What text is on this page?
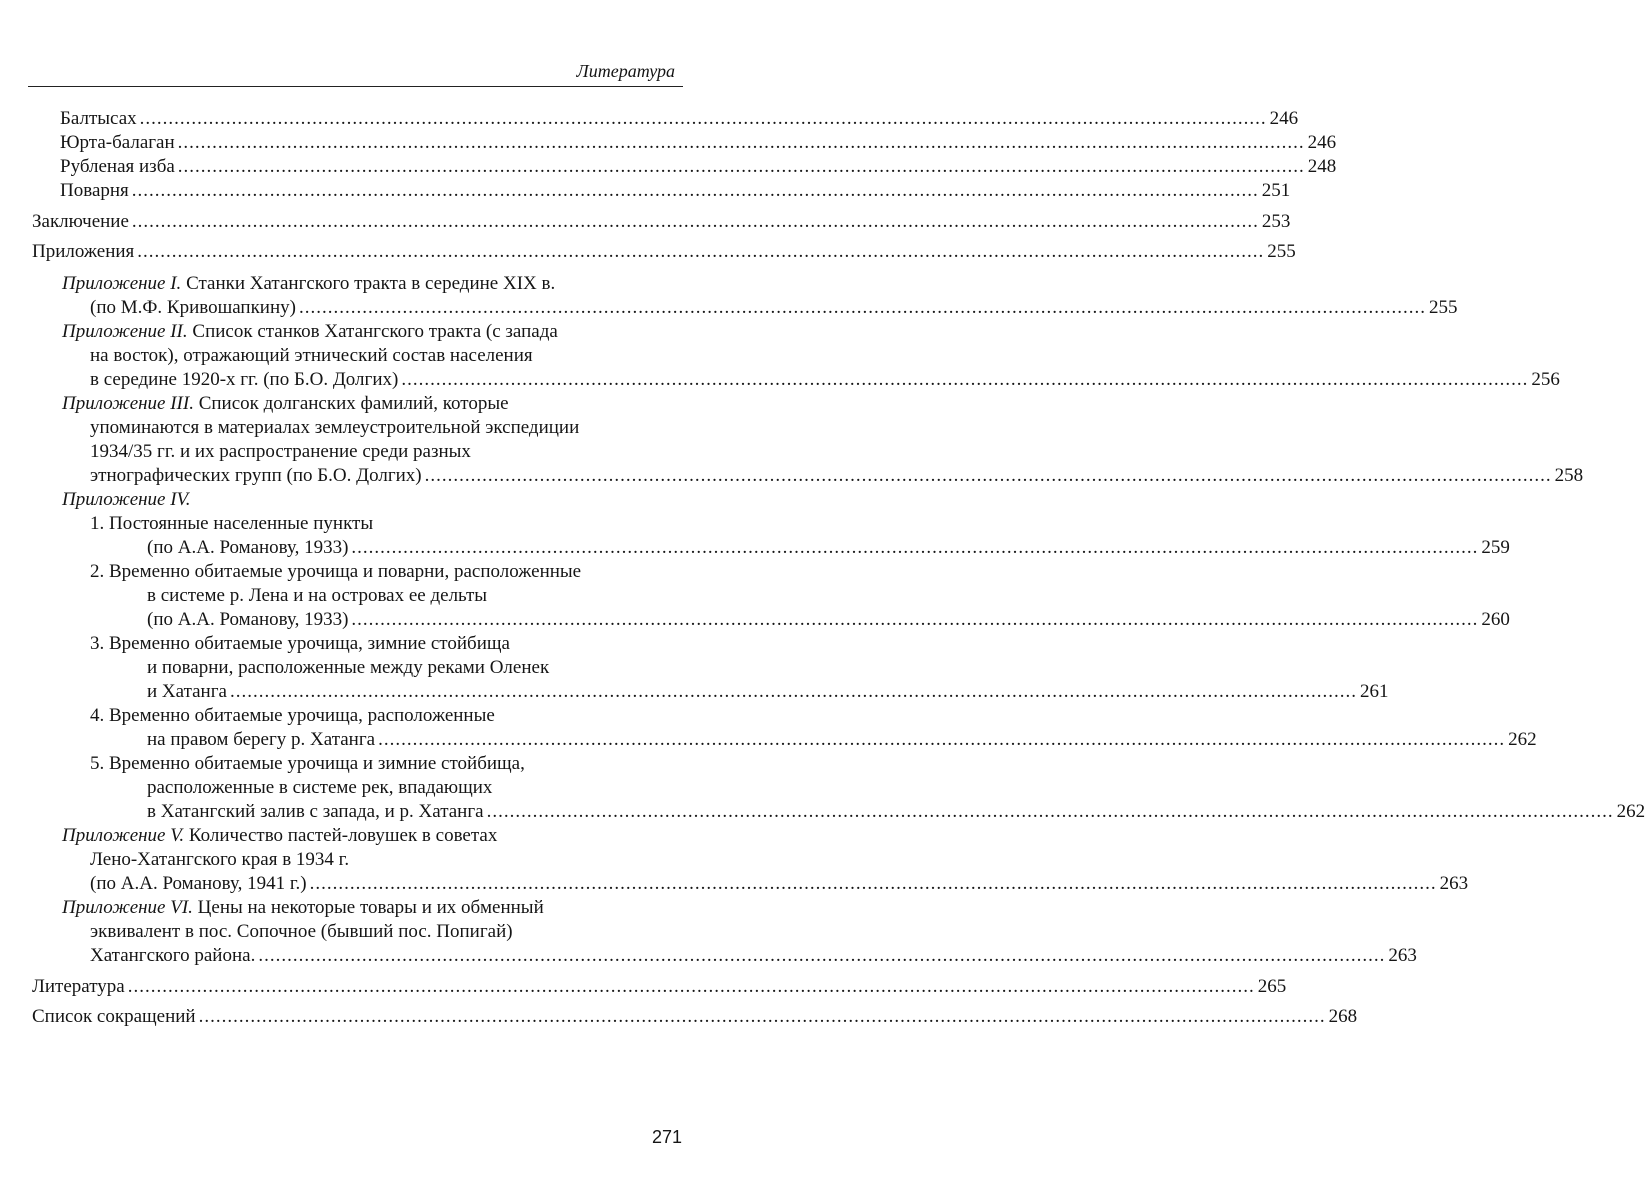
Литература
Балтысах .................................................................................................................................................................................................... 246
Юрта-балаган .................................................................................................................................................................................................... 246
Рубленая изба .................................................................................................................................................................................................... 248
Поварня .................................................................................................................................................................................................... 251
Заключение .................................................................................................................................................................................................... 253
Приложения .................................................................................................................................................................................................... 255
Приложение I. Станки Хатангского тракта в середине XIX в.
(по М.Ф. Кривошапкину) .................................................................................................................................................................................................... 255
Приложение II. Список станков Хатангского тракта (с запада
на восток), отражающий этнический состав населения
в середине 1920-х гг. (по Б.О. Долгих) .................................................................................................................................................................................................... 256
Приложение III. Список долганских фамилий, которые
упоминаются в материалах землеустроительной экспедиции
1934/35 гг. и их распространение среди разных
этнографических групп (по Б.О. Долгих) .................................................................................................................................................................................................... 258
Приложение IV.
1. Постоянные населенные пункты
(по А.А. Романову, 1933) .................................................................................................................................................................................................... 259
2. Временно обитаемые урочища и поварни, расположенные
в системе р. Лена и на островах ее дельты
(по А.А. Романову, 1933) .................................................................................................................................................................................................... 260
3. Временно обитаемые урочища, зимние стойбища
и поварни, расположенные между реками Оленек
и Хатанга .................................................................................................................................................................................................... 261
4. Временно обитаемые урочища, расположенные
на правом берегу р. Хатанга .................................................................................................................................................................................................... 262
5. Временно обитаемые урочища и зимние стойбища,
расположенные в системе рек, впадающих
в Хатангский залив с запада, и р. Хатанга .................................................................................................................................................................................................... 262
Приложение V. Количество пастей-ловушек в советах
Лено-Хатангского края в 1934 г.
(по А.А. Романову, 1941 г.) .................................................................................................................................................................................................... 263
Приложение VI. Цены на некоторые товары и их обменный
эквивалент в пос. Сопочное (бывший пос. Попигай)
Хатангского района. .................................................................................................................................................................................................... 263
Литература .................................................................................................................................................................................................... 265
Список сокращений .................................................................................................................................................................................................... 268
271
